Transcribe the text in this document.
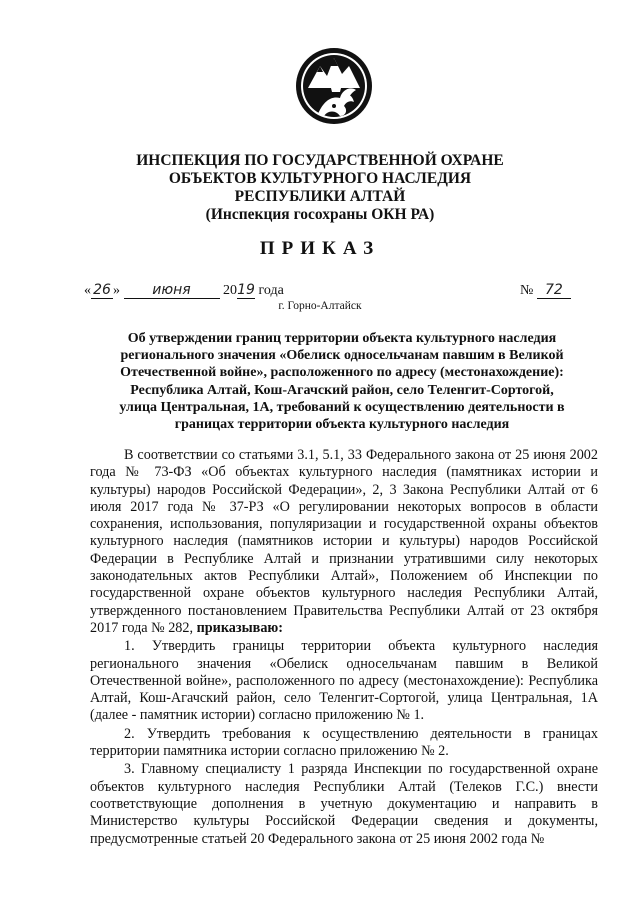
ИНСПЕКЦИЯ ПО ГОСУДАРСТВЕННОЙ ОХРАНЕ
ОБЪЕКТОВ КУЛЬТУРНОГО НАСЛЕДИЯ
РЕСПУБЛИКИ АЛТАЙ
(Инспекция госохраны ОКН РА)
ПРИКАЗ
« 26 » июня 2019 года	№ 72
г. Горно-Алтайск
Об утверждении границ территории объекта культурного наследия
регионального значения «Обелиск односельчанам павшим в Великой
Отечественной войне», расположенного по адресу (местонахождение):
Республика Алтай, Кош-Агачский район, село Теленгит-Сортогой,
улица Центральная, 1А, требований к осуществлению деятельности в
границах территории объекта культурного наследия

В соответствии со статьями 3.1, 5.1, 33 Федерального закона от 25 июня 2002 года № 73-ФЗ «Об объектах культурного наследия (памятниках истории и культуры) народов Российской Федерации», 2, 3 Закона Республики Алтай от 6 июля 2017 года № 37-РЗ «О регулировании некоторых вопросов в области сохранения, использования, популяризации и государственной охраны объектов культурного наследия (памятников истории и культуры) народов Российской Федерации в Республике Алтай и признании утратившими силу некоторых законодательных актов Республики Алтай», Положением об Инспекции по государственной охране объектов культурного наследия Республики Алтай, утвержденного постановлением Правительства Республики Алтай от 23 октября 2017 года № 282, приказываю:

1. Утвердить границы территории объекта культурного наследия регионального значения «Обелиск односельчанам павшим в Великой Отечественной войне», расположенного по адресу (местонахождение): Республика Алтай, Кош-Агачский район, село Теленгит-Сортогой, улица Центральная, 1А (далее - памятник истории) согласно приложению № 1.

2. Утвердить требования к осуществлению деятельности в границах территории памятника истории согласно приложению № 2.

3. Главному специалисту 1 разряда Инспекции по государственной охране объектов культурного наследия Республики Алтай (Телеков Г.С.) внести соответствующие дополнения в учетную документацию и направить в Министерство культуры Российской Федерации сведения и документы, предусмотренные статьей 20 Федерального закона от 25 июня 2002 года №
